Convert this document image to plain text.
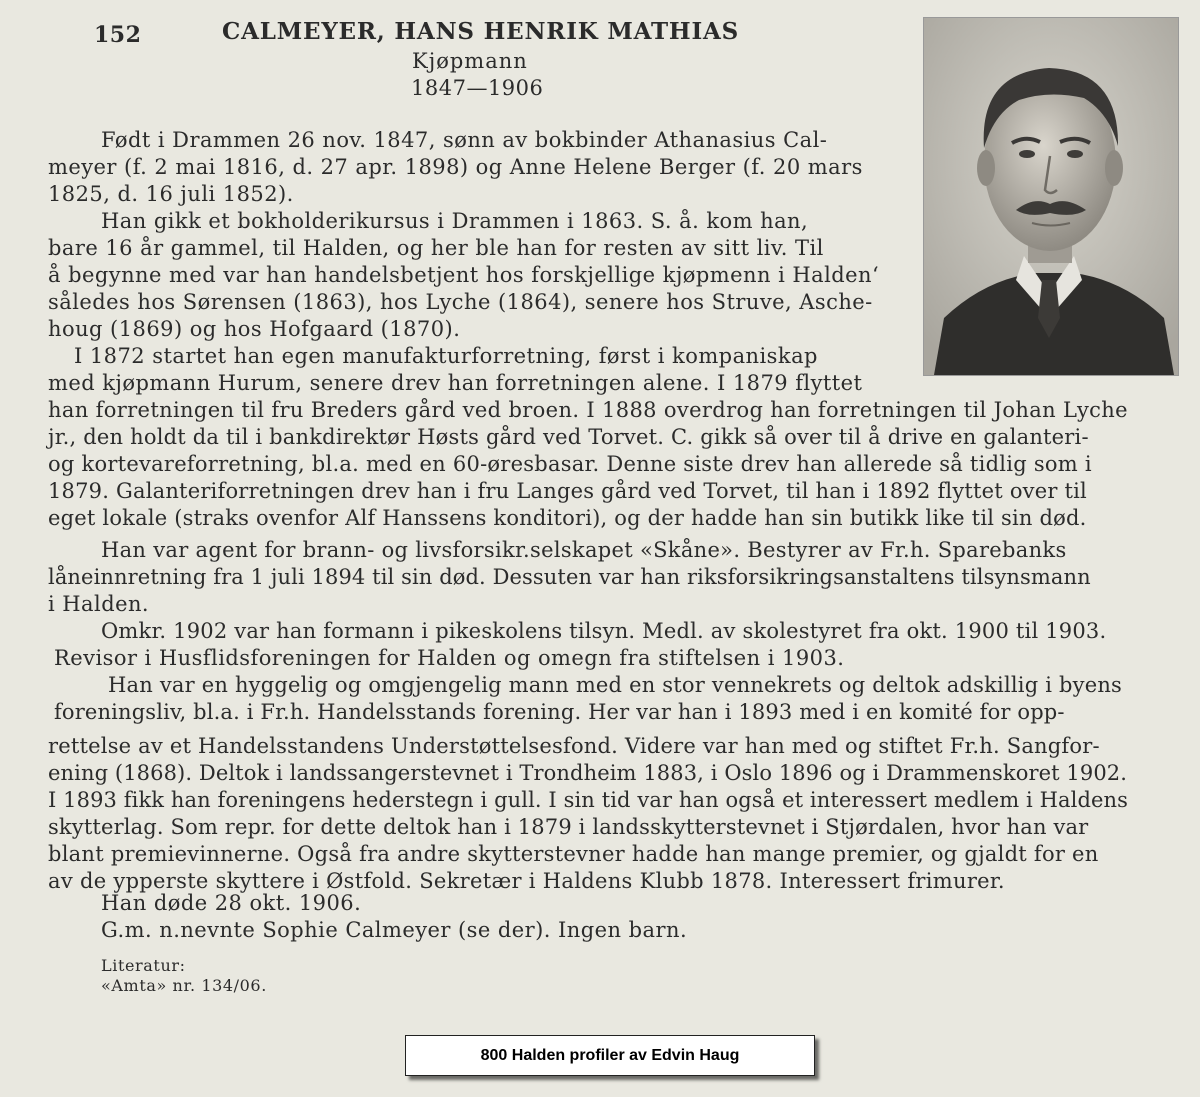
152	CALMEYER, HANS HENRIK MATHIAS
Kjøpmann
1847—1906
Født i Drammen 26 nov. 1847, sønn av bokbinder Athanasius Cal-
meyer (f. 2 mai 1816, d. 27 apr. 1898) og Anne Helene Berger (f. 20 mars
1825, d. 16 juli 1852).
Han gikk et bokholderikursus i Drammen i 1863. S. å. kom han,
bare 16 år gammel, til Halden, og her ble han for resten av sitt liv. Til
å begynne med var han handelsbetjent hos forskjellige kjøpmenn i Halden‘
således hos Sørensen (1863), hos Lyche (1864), senere hos Struve, Asche-
houg (1869) og hos Hofgaard (1870).
I 1872 startet han egen manufakturforretning, først i kompaniskap
med kjøpmann Hurum, senere drev han forretningen alene. I 1879 flyttet
han forretningen til fru Breders gård ved broen. I 1888 overdrog han forretningen til Johan Lyche
jr., den holdt da til i bankdirektør Høsts gård ved Torvet. C. gikk så over til å drive en galanteri-
og kortevareforretning, bl.a. med en 60-øresbasar. Denne siste drev han allerede så tidlig som i
1879. Galanteriforretningen drev han i fru Langes gård ved Torvet, til han i 1892 flyttet over til
eget lokale (straks ovenfor Alf Hanssens konditori), og der hadde han sin butikk like til sin død.
Han var agent for brann- og livsforsikr.selskapet «Skåne». Bestyrer av Fr.h. Sparebanks
låneinnretning fra 1 juli 1894 til sin død. Dessuten var han riksforsikringsanstaltens tilsynsmann
i Halden.
Omkr. 1902 var han formann i pikeskolens tilsyn. Medl. av skolestyret fra okt. 1900 til 1903.
Revisor i Husflidsforeningen for Halden og omegn fra stiftelsen i 1903.
Han var en hyggelig og omgjengelig mann med en stor vennekrets og deltok adskillig i byens
foreningsliv, bl.a. i Fr.h. Handelsstands forening. Her var han i 1893 med i en komité for opp-
rettelse av et Handelsstandens Understøttelsesfond. Videre var han med og stiftet Fr.h. Sangfor-
ening (1868). Deltok i landssangerstevnet i Trondheim 1883, i Oslo 1896 og i Drammenskoret 1902.
I 1893 fikk han foreningens hederstegn i gull. I sin tid var han også et interessert medlem i Haldens
skytterlag. Som repr. for dette deltok han i 1879 i landsskytterstevnet i Stjørdalen, hvor han var
blant premievinnerne. Også fra andre skytterstevner hadde han mange premier, og gjaldt for en
av de ypperste skyttere i Østfold. Sekretær i Haldens Klubb 1878. Interessert frimurer.
Han døde 28 okt. 1906.
G.m. n.nevnte Sophie Calmeyer (se der). Ingen barn.
Literatur:
«Amta» nr. 134/06.
800 Halden profiler av Edvin Haug
